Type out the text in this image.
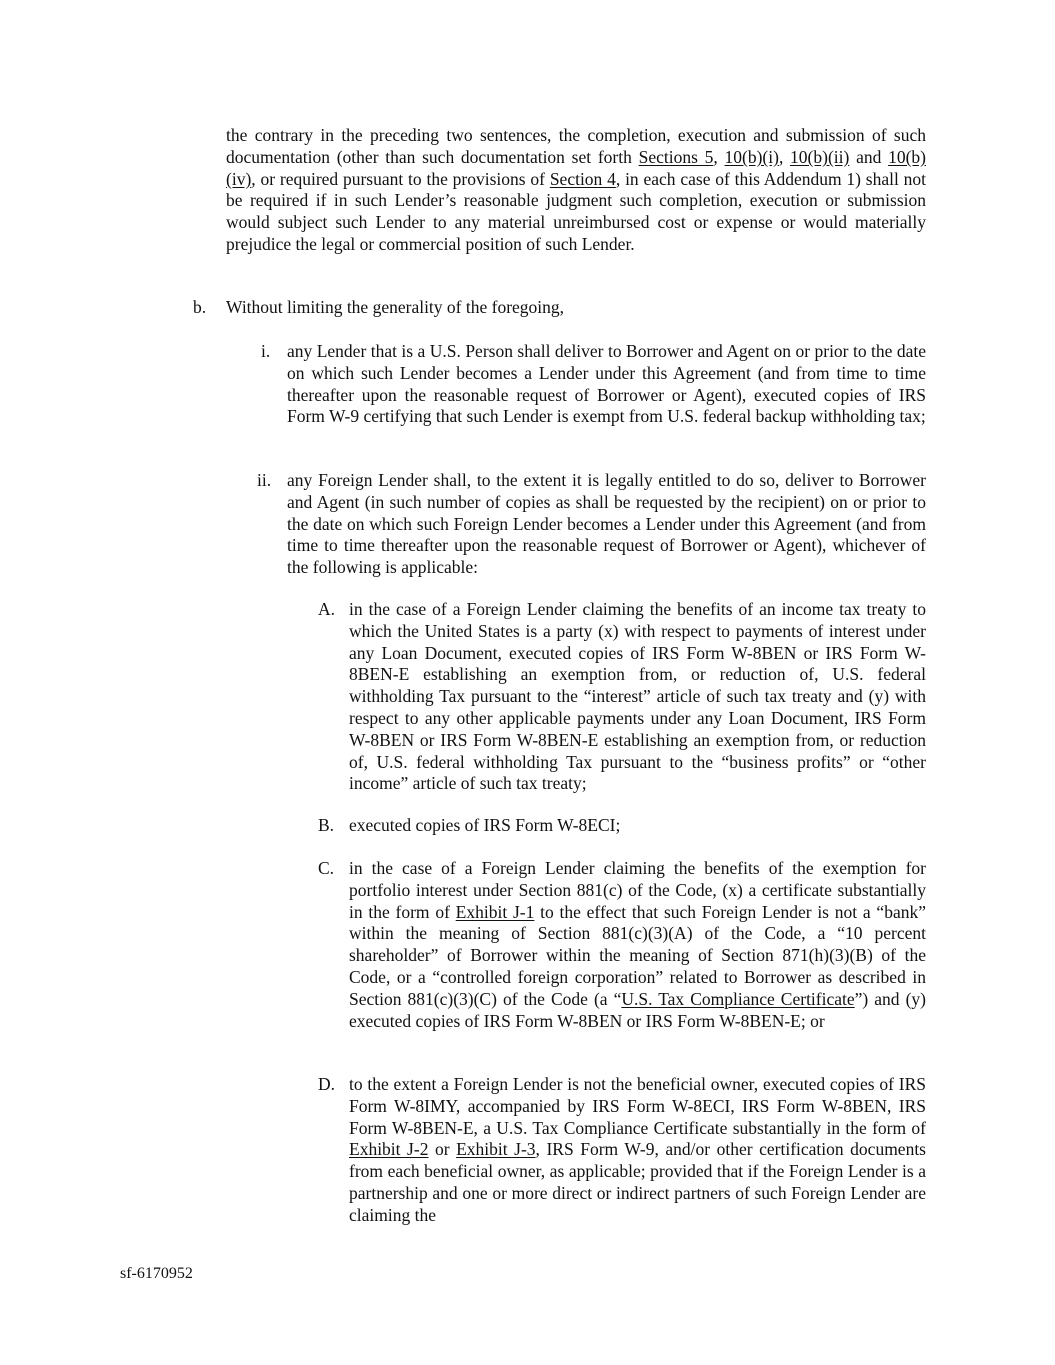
the contrary in the preceding two sentences, the completion, execution and submission of such documentation (other than such documentation set forth Sections 5, 10(b)(i), 10(b)(ii) and 10(b)(iv), or required pursuant to the provisions of Section 4, in each case of this Addendum 1) shall not be required if in such Lender’s reasonable judgment such completion, execution or submission would subject such Lender to any material unreimbursed cost or expense or would materially prejudice the legal or commercial position of such Lender.

b. Without limiting the generality of the foregoing,

i. any Lender that is a U.S. Person shall deliver to Borrower and Agent on or prior to the date on which such Lender becomes a Lender under this Agreement (and from time to time thereafter upon the reasonable request of Borrower or Agent), executed copies of IRS Form W-9 certifying that such Lender is exempt from U.S. federal backup withholding tax;

ii. any Foreign Lender shall, to the extent it is legally entitled to do so, deliver to Borrower and Agent (in such number of copies as shall be requested by the recipient) on or prior to the date on which such Foreign Lender becomes a Lender under this Agreement (and from time to time thereafter upon the reasonable request of Borrower or Agent), whichever of the following is applicable:

A. in the case of a Foreign Lender claiming the benefits of an income tax treaty to which the United States is a party (x) with respect to payments of interest under any Loan Document, executed copies of IRS Form W-8BEN or IRS Form W-8BEN-E establishing an exemption from, or reduction of, U.S. federal withholding Tax pursuant to the “interest” article of such tax treaty and (y) with respect to any other applicable payments under any Loan Document, IRS Form W-8BEN or IRS Form W-8BEN-E establishing an exemption from, or reduction of, U.S. federal withholding Tax pursuant to the “business profits” or “other income” article of such tax treaty;

B. executed copies of IRS Form W-8ECI;

C. in the case of a Foreign Lender claiming the benefits of the exemption for portfolio interest under Section 881(c) of the Code, (x) a certificate substantially in the form of Exhibit J-1 to the effect that such Foreign Lender is not a “bank” within the meaning of Section 881(c)(3)(A) of the Code, a “10 percent shareholder” of Borrower within the meaning of Section 871(h)(3)(B) of the Code, or a “controlled foreign corporation” related to Borrower as described in Section 881(c)(3)(C) of the Code (a “U.S. Tax Compliance Certificate”) and (y) executed copies of IRS Form W-8BEN or IRS Form W-8BEN-E; or

D. to the extent a Foreign Lender is not the beneficial owner, executed copies of IRS Form W-8IMY, accompanied by IRS Form W-8ECI, IRS Form W-8BEN, IRS Form W-8BEN-E, a U.S. Tax Compliance Certificate substantially in the form of Exhibit J-2 or Exhibit J-3, IRS Form W-9, and/or other certification documents from each beneficial owner, as applicable; provided that if the Foreign Lender is a partnership and one or more direct or indirect partners of such Foreign Lender are claiming the

sf-6170952
